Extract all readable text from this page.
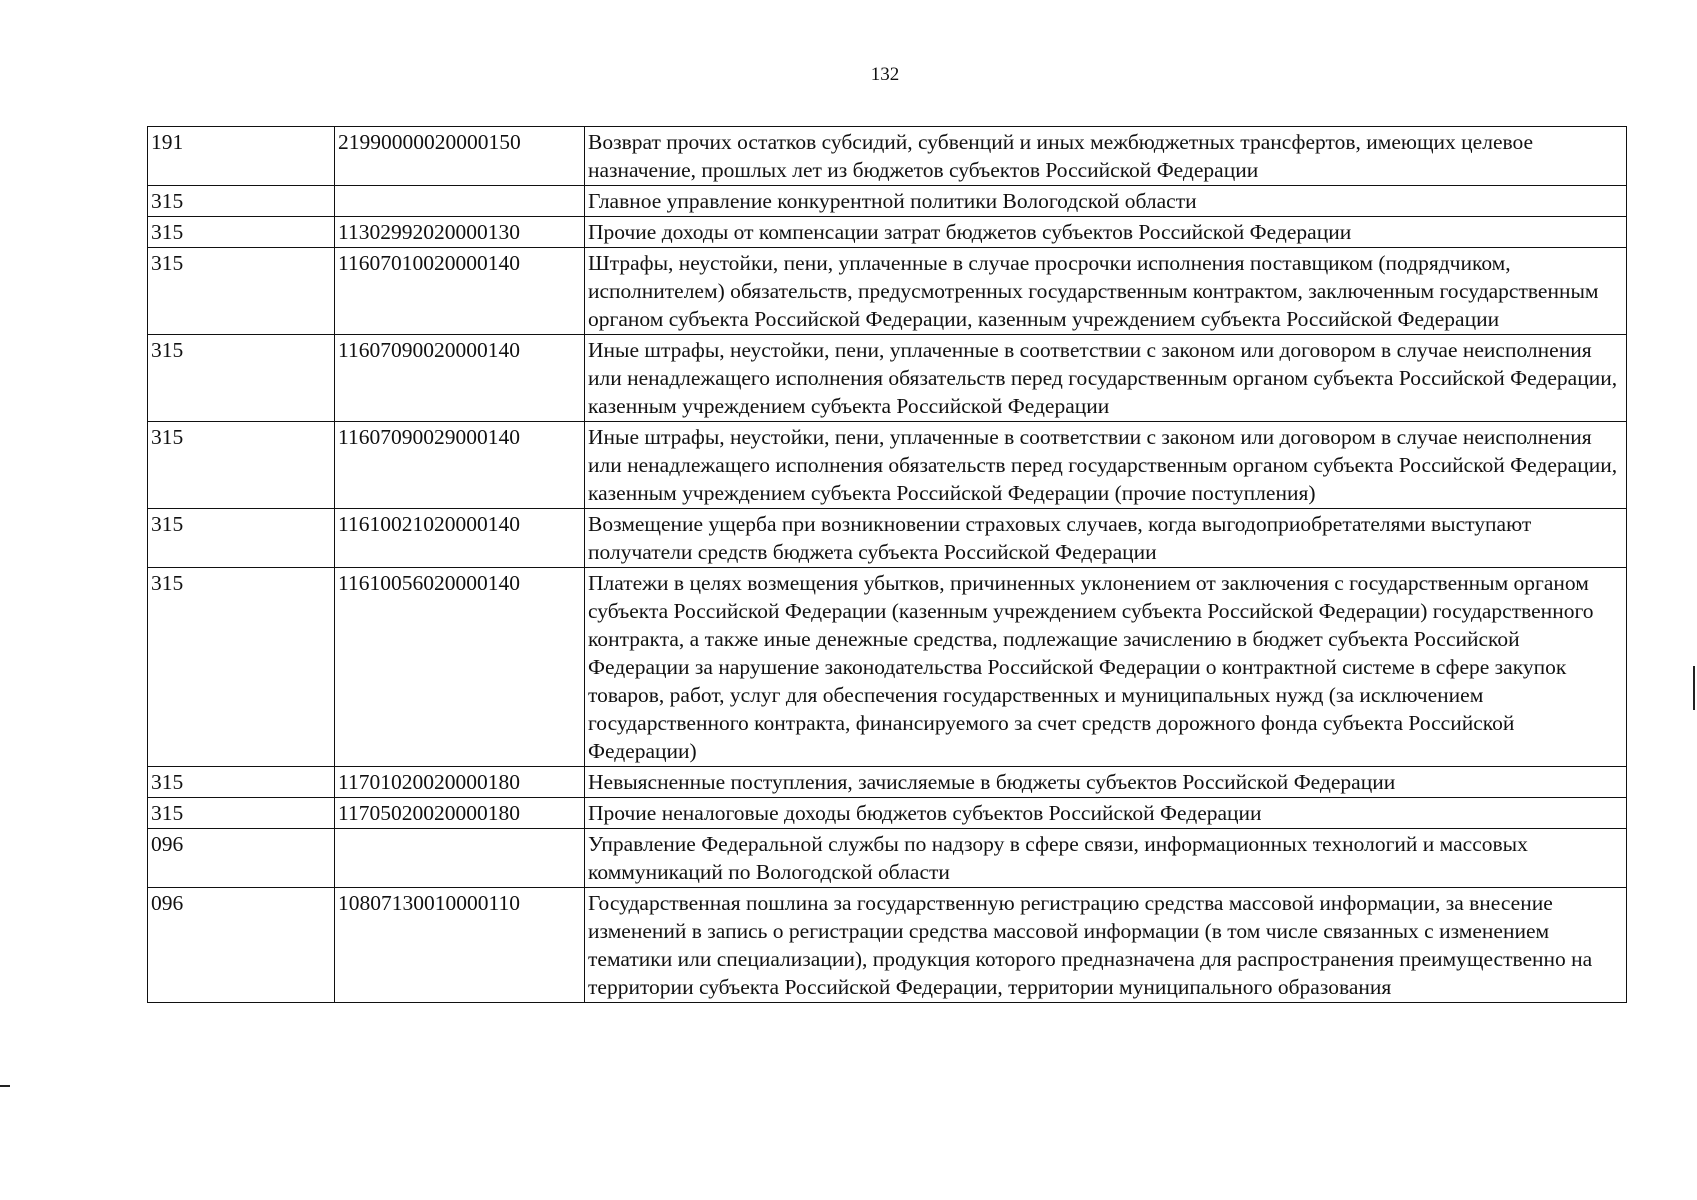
132
191	21990000020000150	Возврат прочих остатков субсидий, субвенций и иных межбюджетных трансфертов, имеющих целевое назначение, прошлых лет из бюджетов субъектов Российской Федерации
315		Главное управление конкурентной политики Вологодской области
315	11302992020000130	Прочие доходы от компенсации затрат бюджетов субъектов Российской Федерации
315	11607010020000140	Штрафы, неустойки, пени, уплаченные в случае просрочки исполнения поставщиком (подрядчиком, исполнителем) обязательств, предусмотренных государственным контрактом, заключенным государственным органом субъекта Российской Федерации, казенным учреждением субъекта Российской Федерации
315	11607090020000140	Иные штрафы, неустойки, пени, уплаченные в соответствии с законом или договором в случае неисполнения или ненадлежащего исполнения обязательств перед государственным органом субъекта Российской Федерации, казенным учреждением субъекта Российской Федерации
315	11607090029000140	Иные штрафы, неустойки, пени, уплаченные в соответствии с законом или договором в случае неисполнения или ненадлежащего исполнения обязательств перед государственным органом субъекта Российской Федерации, казенным учреждением субъекта Российской Федерации (прочие поступления)
315	11610021020000140	Возмещение ущерба при возникновении страховых случаев, когда выгодоприобретателями выступают получатели средств бюджета субъекта Российской Федерации
315	11610056020000140	Платежи в целях возмещения убытков, причиненных уклонением от заключения с государственным органом субъекта Российской Федерации (казенным учреждением субъекта Российской Федерации) государственного контракта, а также иные денежные средства, подлежащие зачислению в бюджет субъекта Российской Федерации за нарушение законодательства Российской Федерации о контрактной системе в сфере закупок товаров, работ, услуг для обеспечения государственных и муниципальных нужд (за исключением государственного контракта, финансируемого за счет средств дорожного фонда субъекта Российской Федерации)
315	11701020020000180	Невыясненные поступления, зачисляемые в бюджеты субъектов Российской Федерации
315	11705020020000180	Прочие неналоговые доходы бюджетов субъектов Российской Федерации
096		Управление Федеральной службы по надзору в сфере связи, информационных технологий и массовых коммуникаций по Вологодской области
096	10807130010000110	Государственная пошлина за государственную регистрацию средства массовой информации, за внесение изменений в запись о регистрации средства массовой информации (в том числе связанных с изменением тематики или специализации), продукция которого предназначена для распространения преимущественно на территории субъекта Российской Федерации, территории муниципального образования
